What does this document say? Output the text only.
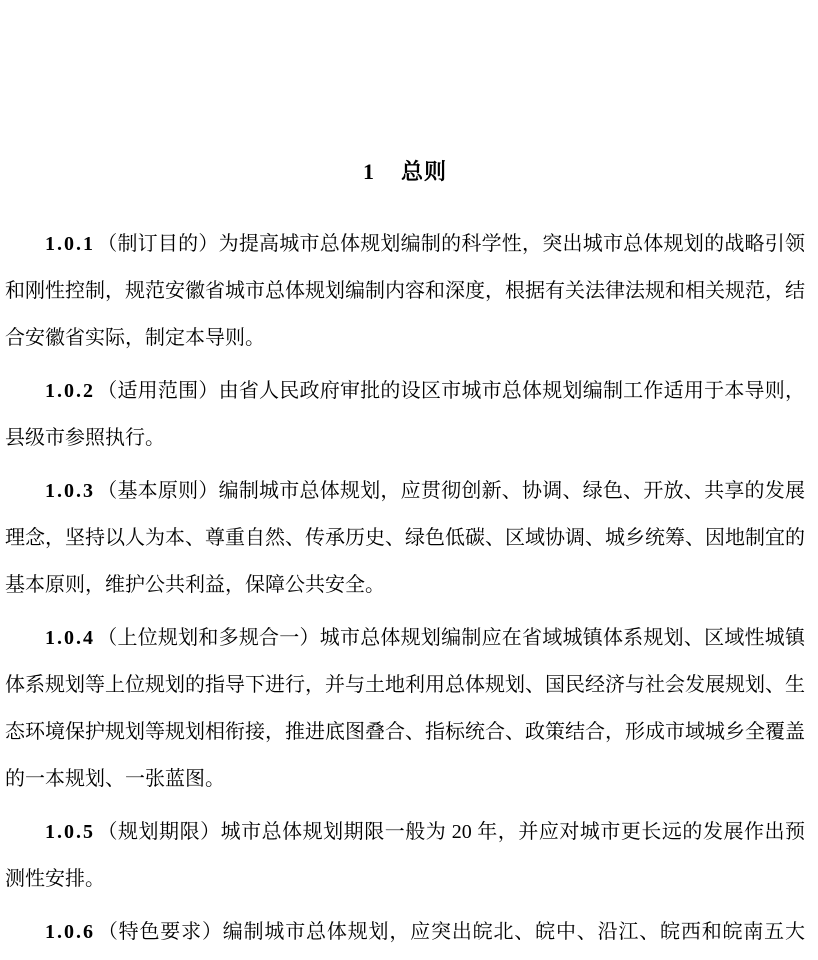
1 总则

1.0.1 （制订目的）为提高城市总体规划编制的科学性，突出城市总体规划的战略引领和刚性控制，规范安徽省城市总体规划编制内容和深度，根据有关法律法规和相关规范，结合安徽省实际，制定本导则。

1.0.2 （适用范围）由省人民政府审批的设区市城市总体规划编制工作适用于本导则，县级市参照执行。

1.0.3 （基本原则）编制城市总体规划，应贯彻创新、协调、绿色、开放、共享的发展理念，坚持以人为本、尊重自然、传承历史、绿色低碳、区域协调、城乡统筹、因地制宜的基本原则，维护公共利益，保障公共安全。

1.0.4 （上位规划和多规合一）城市总体规划编制应在省域城镇体系规划、区域性城镇体系规划等上位规划的指导下进行，并与土地利用总体规划、国民经济与社会发展规划、生态环境保护规划等规划相衔接，推进底图叠合、指标统合、政策结合，形成市域城乡全覆盖的一本规划、一张蓝图。

1.0.5 （规划期限）城市总体规划期限一般为 20 年，并应对城市更长远的发展作出预测性安排。

1.0.6 （特色要求）编制城市总体规划，应突出皖北、皖中、沿江、皖西和皖南五大
